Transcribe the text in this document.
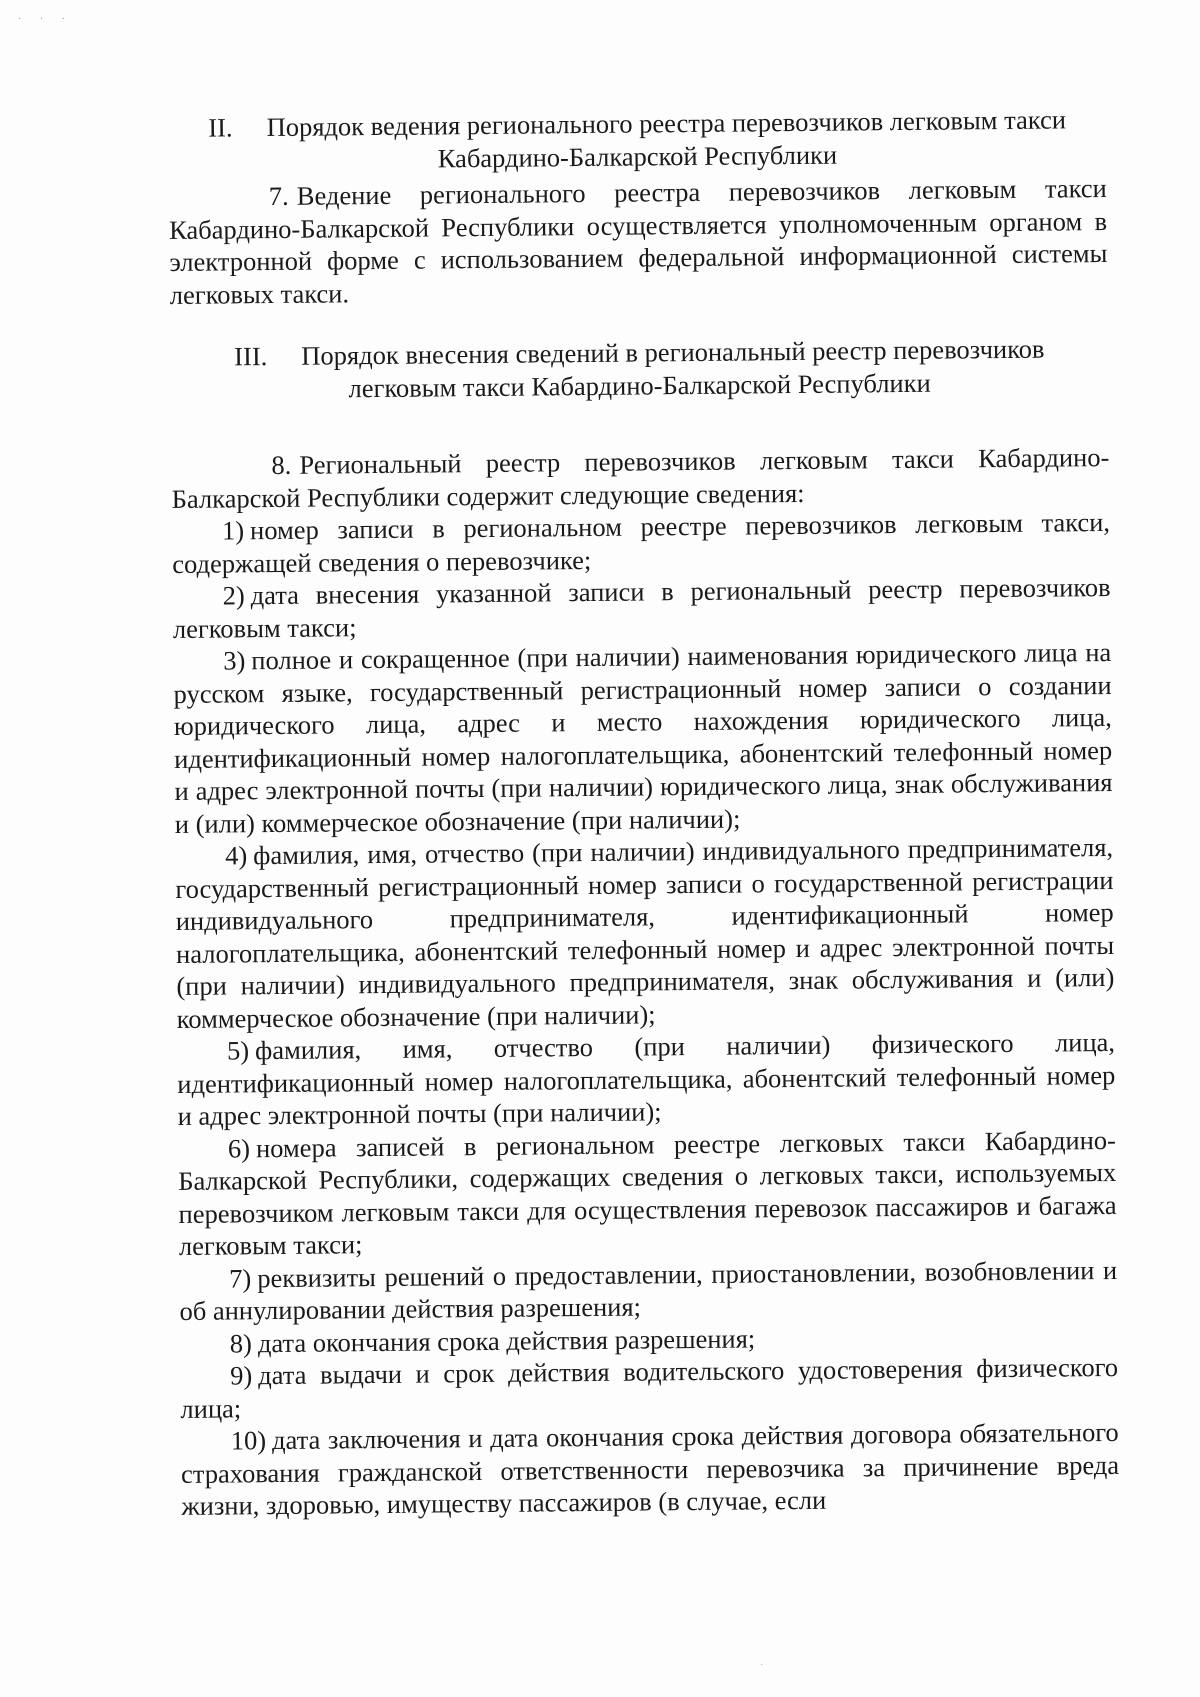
· · ·
II. Порядок ведения регионального реестра перевозчиков легковым такси
Кабардино-Балкарской Республики

7. Ведение регионального реестра перевозчиков легковым такси Кабардино-Балкарской Республики осуществляется уполномоченным органом в электронной форме с использованием федеральной информационной системы легковых такси.

III. Порядок внесения сведений в региональный реестр перевозчиков
легковым такси Кабардино-Балкарской Республики

8. Региональный реестр перевозчиков легковым такси Кабардино-Балкарской Республики содержит следующие сведения:

1) номер записи в региональном реестре перевозчиков легковым такси, содержащей сведения о перевозчике;

2) дата внесения указанной записи в региональный реестр перевозчиков легковым такси;

3) полное и сокращенное (при наличии) наименования юридического лица на русском языке, государственный регистрационный номер записи о создании юридического лица, адрес и место нахождения юридического лица, идентификационный номер налогоплательщика, абонентский телефонный номер и адрес электронной почты (при наличии) юридического лица, знак обслуживания и (или) коммерческое обозначение (при наличии);

4) фамилия, имя, отчество (при наличии) индивидуального предпринимателя, государственный регистрационный номер записи о государственной регистрации индивидуального предпринимателя, идентификационный номер налогоплательщика, абонентский телефонный номер и адрес электронной почты (при наличии) индивидуального предпринимателя, знак обслуживания и (или) коммерческое обозначение (при наличии);

5) фамилия, имя, отчество (при наличии) физического лица, идентификационный номер налогоплательщика, абонентский телефонный номер и адрес электронной почты (при наличии);

6) номера записей в региональном реестре легковых такси Кабардино-Балкарской Республики, содержащих сведения о легковых такси, используемых перевозчиком легковым такси для осуществления перевозок пассажиров и багажа легковым такси;

7) реквизиты решений о предоставлении, приостановлении, возобновлении и об аннулировании действия разрешения;

8) дата окончания срока действия разрешения;

9) дата выдачи и срок действия водительского удостоверения физического лица;

10) дата заключения и дата окончания срока действия договора обязательного страхования гражданской ответственности перевозчика за причинение вреда жизни, здоровью, имуществу пассажиров (в случае, если

·
